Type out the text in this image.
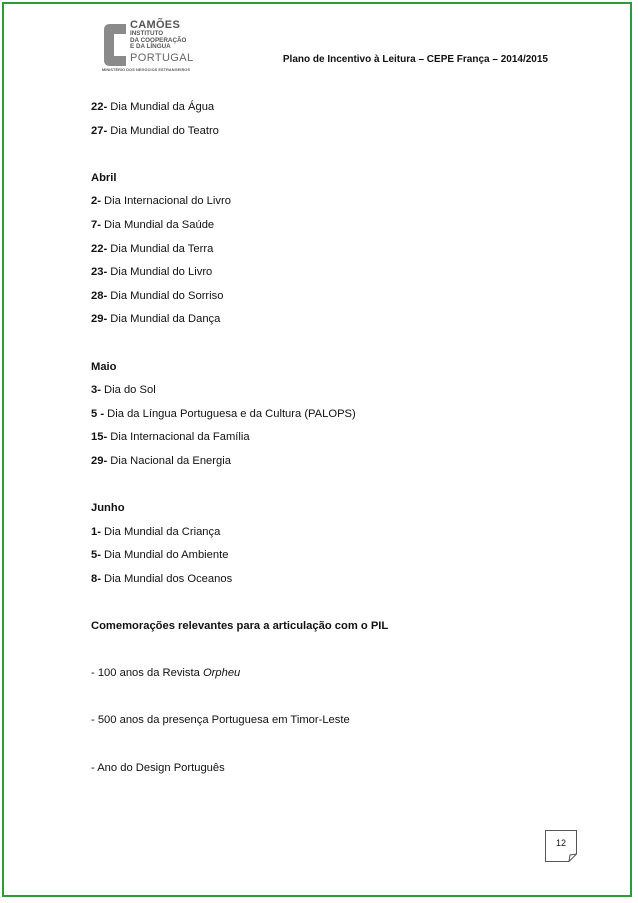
CAMÕES
INSTITUTO
DA COOPERAÇÃO
E DA LÍNGUA
PORTUGAL
MINISTÉRIO DOS NEGÓCIOS ESTRANGEIROS
Plano de Incentivo à Leitura – CEPE França – 2014/2015
22- Dia Mundial da Água
27- Dia Mundial do Teatro
Abril
2- Dia Internacional do Livro
7- Dia Mundial da Saúde
22- Dia Mundial da Terra
23- Dia Mundial do Livro
28- Dia Mundial do Sorriso
29- Dia Mundial da Dança
Maio
3- Dia do Sol
5 - Dia da Língua Portuguesa e da Cultura (PALOPS)
15- Dia Internacional da Família
29- Dia Nacional da Energia
Junho
1- Dia Mundial da Criança
5- Dia Mundial do Ambiente
8- Dia Mundial dos Oceanos
Comemorações relevantes para a articulação com o PIL
- 100 anos da Revista Orpheu
- 500 anos da presença Portuguesa em Timor-Leste
- Ano do Design Português
12
